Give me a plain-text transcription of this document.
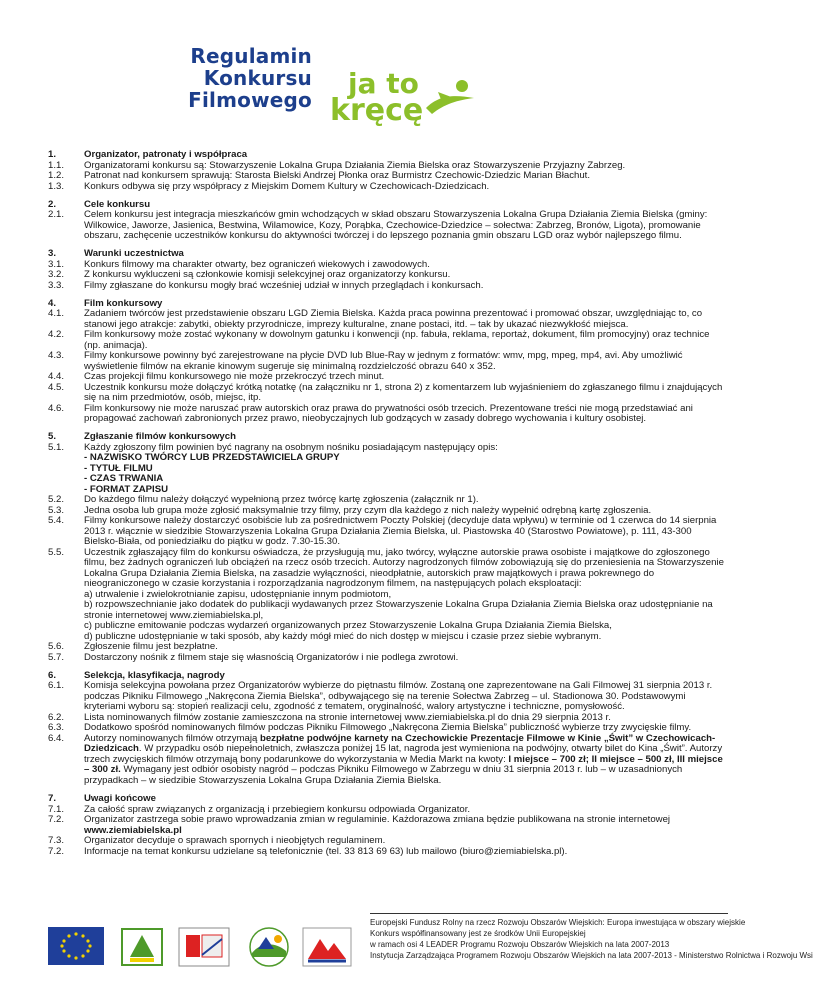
Regulamin
Konkursu
Filmowego ja to
kręcę
1.	Organizator, patronaty i współpraca
1.1.	Organizatorami konkursu są: Stowarzyszenie Lokalna Grupa Działania Ziemia Bielska oraz Stowarzyszenie Przyjazny Zabrzeg.
1.2.	Patronat nad konkursem sprawują: Starosta Bielski Andrzej Płonka oraz Burmistrz Czechowic-Dziedzic Marian Błachut.
1.3.	Konkurs odbywa się przy współpracy z Miejskim Domem Kultury w Czechowicach-Dziedzicach.
2.	Cele konkursu
2.1.	Celem konkursu jest integracja mieszkańców gmin wchodzących w skład obszaru Stowarzyszenia Lokalna Grupa Działania Ziemia Bielska (gminy: Wilkowice, Jaworze, Jasienica, Bestwina, Wilamowice, Kozy, Porąbka, Czechowice-Dziedzice – sołectwa: Zabrzeg, Bronów, Ligota), promowanie obszaru, zachęcenie uczestników konkursu do aktywności twórczej i do lepszego poznania gmin obszaru LGD oraz wybór najlepszego filmu.
3.	Warunki uczestnictwa
3.1.	Konkurs filmowy ma charakter otwarty, bez ograniczeń wiekowych i zawodowych.
3.2.	Z konkursu wykluczeni są członkowie komisji selekcyjnej oraz organizatorzy konkursu.
3.3.	Filmy zgłaszane do konkursu mogły brać wcześniej udział w innych przeglądach i konkursach.
4.	Film konkursowy
4.1.	Zadaniem twórców jest przedstawienie obszaru LGD Ziemia Bielska. Każda praca powinna prezentować i promować obszar, uwzględniając to, co stanowi jego atrakcje: zabytki, obiekty przyrodnicze, imprezy kulturalne, znane postaci, itd. – tak by ukazać niezwykłość miejsca.
4.2.	Film konkursowy może zostać wykonany w dowolnym gatunku i konwencji (np. fabuła, reklama, reportaż, dokument, film promocyjny) oraz technice (np. animacja).
4.3.	Filmy konkursowe powinny być zarejestrowane na płycie DVD lub Blue-Ray w jednym z formatów: wmv, mpg, mpeg, mp4, avi. Aby umożliwić wyświetlenie filmów na ekranie kinowym sugeruje się minimalną rozdzielczość obrazu 640 x 352.
4.4.	Czas projekcji filmu konkursowego nie może przekroczyć trzech minut.
4.5.	Uczestnik konkursu może dołączyć krótką notatkę (na załączniku nr 1, strona 2) z komentarzem lub wyjaśnieniem do zgłaszanego filmu i znajdujących się na nim przedmiotów, osób, miejsc, itp.
4.6.	Film konkursowy nie może naruszać praw autorskich oraz prawa do prywatności osób trzecich. Prezentowane treści nie mogą przedstawiać ani propagować zachowań zabronionych przez prawo, nieobyczajnych lub godzących w zasady dobrego wychowania i kultury osobistej.
5.	Zgłaszanie filmów konkursowych
5.1.	Każdy zgłoszony film powinien być nagrany na osobnym nośniku posiadającym następujący opis:
- NAZWISKO TWÓRCY LUB PRZEDSTAWICIELA GRUPY
- TYTUŁ FILMU
- CZAS TRWANIA
- FORMAT ZAPISU
5.2.	Do każdego filmu należy dołączyć wypełnioną przez twórcę kartę zgłoszenia (załącznik nr 1).
5.3.	Jedna osoba lub grupa może zgłosić maksymalnie trzy filmy, przy czym dla każdego z nich należy wypełnić odrębną kartę zgłoszenia.
5.4.	Filmy konkursowe należy dostarczyć osobiście lub za pośrednictwem Poczty Polskiej (decyduje data wpływu) w terminie od 1 czerwca do 14 sierpnia 2013 r. włącznie w siedzibie Stowarzyszenia Lokalna Grupa Działania Ziemia Bielska, ul. Piastowska 40 (Starostwo Powiatowe), p. 111, 43-300 Bielsko-Biała, od poniedziałku do piątku w godz. 7.30-15.30.
5.5.	Uczestnik zgłaszający film do konkursu oświadcza, że przysługują mu, jako twórcy, wyłączne autorskie prawa osobiste i majątkowe do zgłoszonego filmu, bez żadnych ograniczeń lub obciążeń na rzecz osób trzecich. Autorzy nagrodzonych filmów zobowiązują się do przeniesienia na Stowarzyszenie Lokalna Grupa Działania Ziemia Bielska, na zasadzie wyłączności, nieodpłatnie, autorskich praw majątkowych i prawa pokrewnego do nieograniczonego w czasie korzystania i rozporządzania nagrodzonym filmem, na następujących polach eksploatacji:
a) utrwalenie i zwielokrotnianie zapisu, udostępnianie innym podmiotom,
b) rozpowszechnianie jako dodatek do publikacji wydawanych przez Stowarzyszenie Lokalna Grupa Działania Ziemia Bielska oraz udostępnianie na stronie internetowej www.ziemiabielska.pl,
c) publiczne emitowanie podczas wydarzeń organizowanych przez Stowarzyszenie Lokalna Grupa Działania Ziemia Bielska,
d) publiczne udostępnianie w taki sposób, aby każdy mógł mieć do nich dostęp w miejscu i czasie przez siebie wybranym.
5.6.	Zgłoszenie filmu jest bezpłatne.
5.7.	Dostarczony nośnik z filmem staje się własnością Organizatorów i nie podlega zwrotowi.
6.	Selekcja, klasyfikacja, nagrody
6.1.	Komisja selekcyjna powołana przez Organizatorów wybierze do piętnastu filmów. Zostaną one zaprezentowane na Gali Filmowej 31 sierpnia 2013 r. podczas Pikniku Filmowego „Nakręcona Ziemia Bielska”, odbywającego się na terenie Sołectwa Zabrzeg – ul. Stadionowa 30. Podstawowymi kryteriami wyboru są: stopień realizacji celu, zgodność z tematem, oryginalność, walory artystyczne i techniczne, pomysłowość.
6.2.	Lista nominowanych filmów zostanie zamieszczona na stronie internetowej www.ziemiabielska.pl do dnia 29 sierpnia 2013 r.
6.3.	Dodatkowo spośród nominowanych filmów podczas Pikniku Filmowego „Nakręcona Ziemia Bielska” publiczność wybierze trzy zwycięskie filmy.
6.4.	Autorzy nominowanych filmów otrzymają bezpłatne podwójne karnety na Czechowickie Prezentacje Filmowe w Kinie „Świt” w Czechowicach-Dziedzicach. W przypadku osób niepełnoletnich, zwłaszcza poniżej 15 lat, nagroda jest wymieniona na podwójny, otwarty bilet do Kina „Świt”. Autorzy trzech zwycięskich filmów otrzymają bony podarunkowe do wykorzystania w Media Markt na kwoty: I miejsce – 700 zł; II miejsce – 500 zł, III miejsce – 300 zł. Wymagany jest odbiór osobisty nagród – podczas Pikniku Filmowego w Zabrzegu w dniu 31 sierpnia 2013 r. lub – w uzasadnionych przypadkach – w siedzibie Stowarzyszenia Lokalna Grupa Działania Ziemia Bielska.
7.	Uwagi końcowe
7.1.	Za całość spraw związanych z organizacją i przebiegiem konkursu odpowiada Organizator.
7.2.	Organizator zastrzega sobie prawo wprowadzania zmian w regulaminie. Każdorazowa zmiana będzie publikowana na stronie internetowej
www.ziemiabielska.pl
7.3.	Organizator decyduje o sprawach spornych i nieobjętych regulaminem.
7.2.	Informacje na temat konkursu udzielane są telefonicznie (tel. 33 813 69 63) lub mailowo (biuro@ziemiabielska.pl).
Europejski Fundusz Rolny na rzecz Rozwoju Obszarów Wiejskich: Europa inwestująca w obszary wiejskie
Konkurs współfinansowany jest ze środków Unii Europejskiej
w ramach osi 4 LEADER Programu Rozwoju Obszarów Wiejskich na lata 2007-2013
Instytucja Zarządzająca Programem Rozwoju Obszarów Wiejskich na lata 2007-2013 - Ministerstwo Rolnictwa i Rozwoju Wsi
